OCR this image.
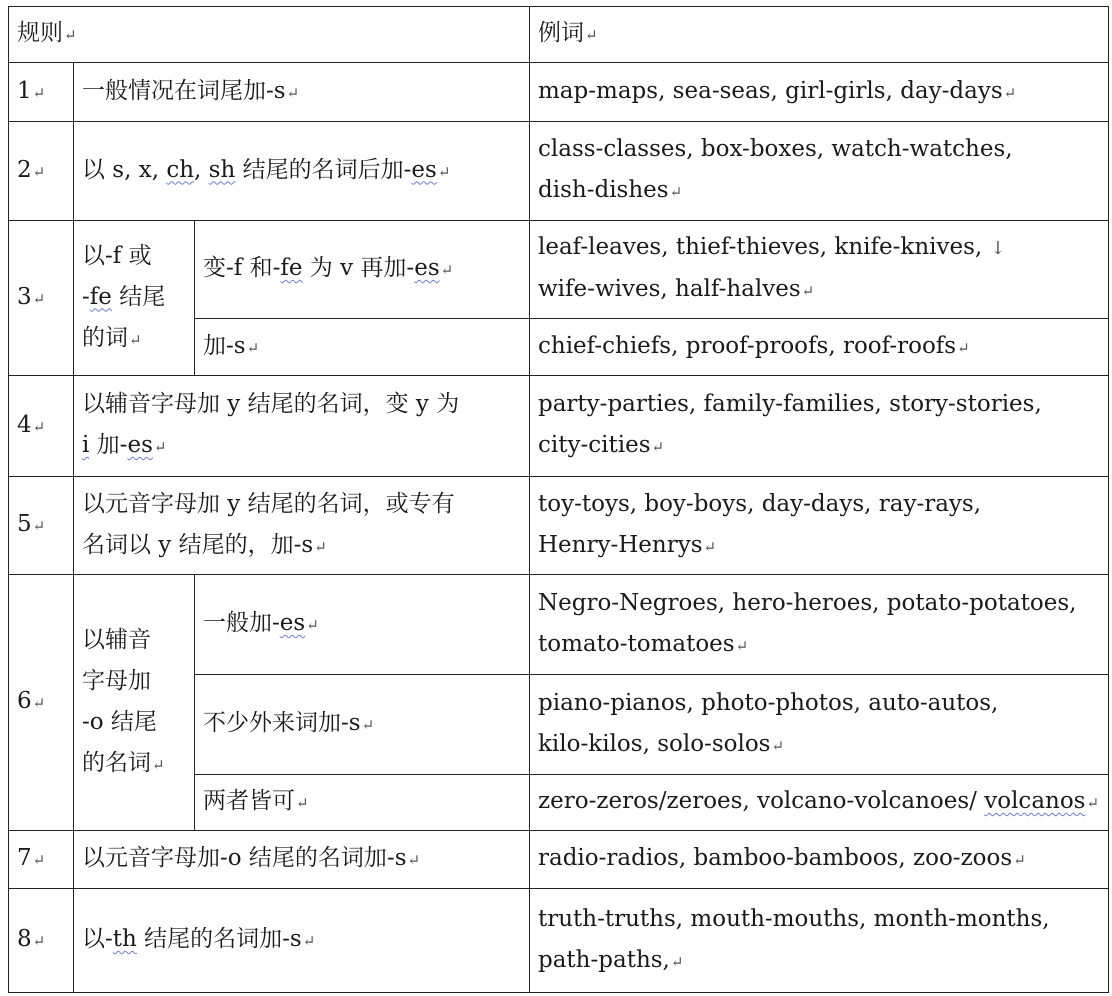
规则↵			例词↵
1↵	一般情况在词尾加-s↵		map-maps, sea-seas, girl-girls, day-days↵
2↵	以 s, x, ch, sh 结尾的名词后加-es↵		class-classes, box-boxes, watch-watches,
dish-dishes↵
3↵	以-f 或
-fe 结尾
的词↵	变-f 和-fe 为 v 再加-es↵	leaf-leaves, thief-thieves, knife-knives, ↓
wife-wives, half-halves↵
		加-s↵	chief-chiefs, proof-proofs, roof-roofs↵
4↵	以辅音字母加 y 结尾的名词，变 y 为
i 加-es↵		party-parties, family-families, story-stories,
city-cities↵
5↵	以元音字母加 y 结尾的名词，或专有
名词以 y 结尾的，加-s↵		toy-toys, boy-boys, day-days, ray-rays,
Henry-Henrys↵
6↵	以辅音
字母加
-o 结尾
的名词↵	一般加-es↵	Negro-Negroes, hero-heroes, potato-potatoes,
tomato-tomatoes↵
		不少外来词加-s↵	piano-pianos, photo-photos, auto-autos,
kilo-kilos, solo-solos↵
		两者皆可↵	zero-zeros/zeroes, volcano-volcanoes/ volcanos↵
7↵	以元音字母加-o 结尾的名词加-s↵		radio-radios, bamboo-bamboos, zoo-zoos↵
8↵	以-th 结尾的名词加-s↵		truth-truths, mouth-mouths, month-months,
path-paths,↵
